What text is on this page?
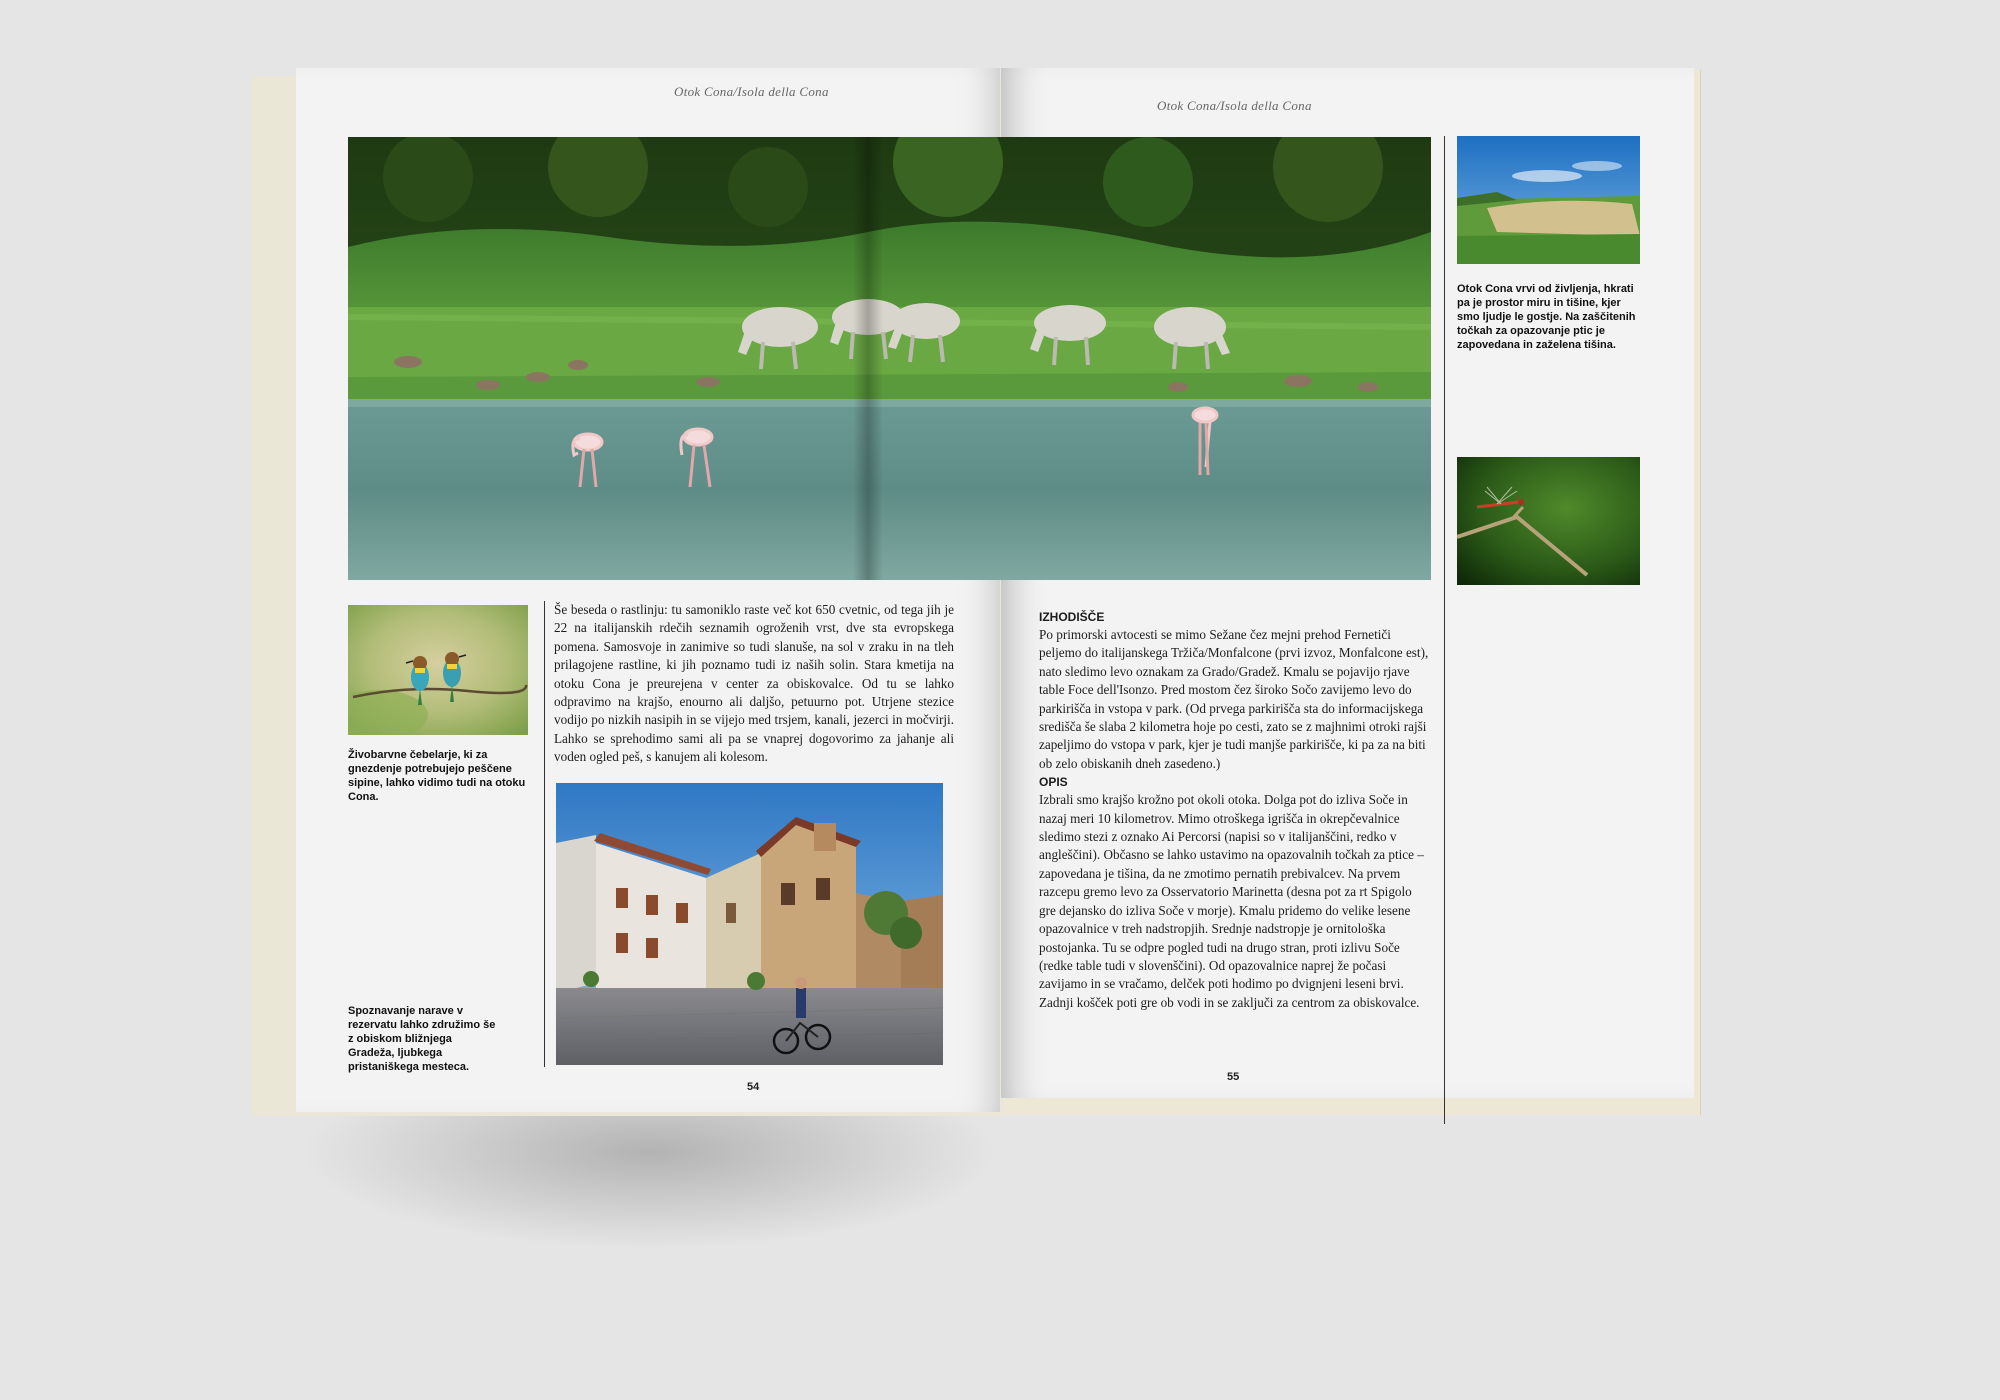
Otok Cona/Isola della Cona

Živobarvne čebelarje, ki za gnezdenje potrebujejo peščene sipine, lahko vidimo tudi na otoku Cona.

Spoznavanje narave v rezervatu lahko združimo še z obiskom bližnjega Gradeža, ljubkega pristaniškega mesteca.

Še beseda o rastlinju: tu samoniklo raste več kot 650 cvetnic, od tega jih je 22 na italijanskih rdečih seznamih ogroženih vrst, dve sta evropskega pomena. Samosvoje in zanimive so tudi slanuše, na sol v zraku in na tleh prilagojene rastline, ki jih poznamo tudi iz naših solin. Stara kmetija na otoku Cona je preurejena v center za obiskovalce. Od tu se lahko odpravimo na krajšo, enourno ali daljšo, petuurno pot. Utrjene stezice vodijo po nizkih nasipih in se vijejo med trsjem, kanali, jezerci in močvirji. Lahko se sprehodimo sami ali pa se vnaprej dogovorimo za jahanje ali voden ogled peš, s kanujem ali kolesom.

54
Otok Cona/Isola della Cona

Otok Cona vrvi od življenja, hkrati pa je prostor miru in tišine, kjer smo ljudje le gostje. Na zaščitenih točkah za opazovanje ptic je zapovedana in zaželena tišina.

IZHODIŠČE
Po primorski avtocesti se mimo Sežane čez mejni prehod Fernetiči peljemo do italijanskega Tržiča/Monfalcone (prvi izvoz, Monfalcone est), nato sledimo levo oznakam za Grado/Gradež. Kmalu se pojavijo rjave table Foce dell'Isonzo. Pred mostom čez široko Sočo zavijemo levo do parkirišča in vstopa v park. (Od prvega parkirišča sta do informacijskega središča še slaba 2 kilometra hoje po cesti, zato se z majhnimi otroki rajši zapeljimo do vstopa v park, kjer je tudi manjše parkirišče, ki pa za na biti ob zelo obiskanih dneh zasedeno.)
OPIS
Izbrali smo krajšo krožno pot okoli otoka. Dolga pot do izliva Soče in nazaj meri 10 kilometrov. Mimo otroškega igrišča in okrepčevalnice sledimo stezi z oznako Ai Percorsi (napisi so v italijanščini, redko v angleščini). Občasno se lahko ustavimo na opazovalnih točkah za ptice – zapovedana je tišina, da ne zmotimo pernatih prebivalcev. Na prvem razcepu gremo levo za Osservatorio Marinetta (desna pot za rt Spigolo gre dejansko do izliva Soče v morje). Kmalu pridemo do velike lesene opazovalnice v treh nadstropjih. Srednje nadstropje je ornitološka postojanka. Tu se odpre pogled tudi na drugo stran, proti izlivu Soče (redke table tudi v slovenščini). Od opazovalnice naprej že počasi zavijamo in se vračamo, delček poti hodimo po dvignjeni leseni brvi. Zadnji košček poti gre ob vodi in se zaključi za centrom za obiskovalce.

55
